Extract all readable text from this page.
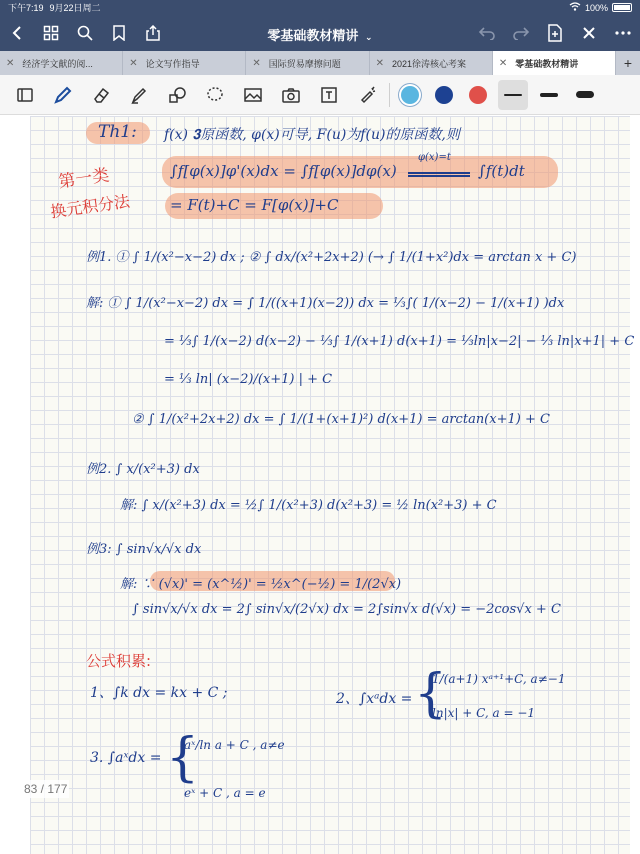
下午7:19 9月22日周二	100%
零基础教材精讲 ⌄
✕ 经济学文献的阅...	✕ 论文写作指导	✕ 国际贸易摩擦问题	✕ 2021徐涛核心考案	✕ 零基础教材精讲	+
Th1: f(x) 𝟑原函数, φ(x)可导, F(u)为f(u)的原函数,则
∫f[φ(x)]φ'(x)dx = ∫f[φ(x)]dφ(x)
φ(x)=t
∫f(t)dt
= F(t)+C = F[φ(x)]+C
第一类
换元积分法
例1. ① ∫ 1/(x²−x−2) dx ; ② ∫ dx/(x²+2x+2) (→ ∫ 1/(1+x²)dx = arctan x + C)
解: ① ∫ 1/(x²−x−2) dx = ∫ 1/((x+1)(x−2)) dx = ⅓∫( 1/(x−2) − 1/(x+1) )dx
= ⅓∫ 1/(x−2) d(x−2) − ⅓∫ 1/(x+1) d(x+1) = ⅓ln|x−2| − ⅓ ln|x+1| + C
= ⅓ ln| (x−2)/(x+1) | + C
② ∫ 1/(x²+2x+2) dx = ∫ 1/(1+(x+1)²) d(x+1) = arctan(x+1) + C
例2. ∫ x/(x²+3) dx
解: ∫ x/(x²+3) dx = ½∫ 1/(x²+3) d(x²+3) = ½ ln(x²+3) + C
例3: ∫ sin√x/√x dx
解: ∵ (√x)' = (x^½)' = ½x^(−½) = 1/(2√x)
∫ sin√x/√x dx = 2∫ sin√x/(2√x) dx = 2∫sin√x d(√x) = −2cos√x + C
公式积累:
1、∫k dx = kx + C ;	2、∫xᵃdx = {
1/(a+1) xᵃ⁺¹+C, a≠−1
ln|x| + C, a = −1
3. ∫aˣdx = {
aˣ/ln a + C , a≠e
eˣ + C , a = e
83 / 177
